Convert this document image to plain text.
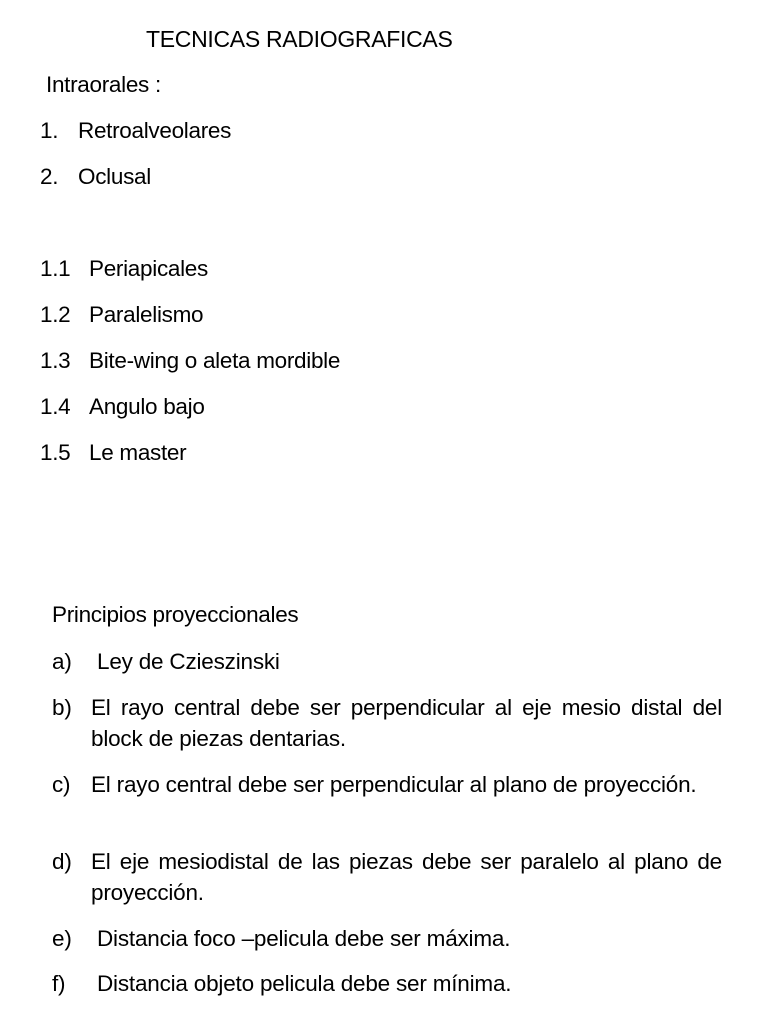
TECNICAS RADIOGRAFICAS
Intraorales :
1. Retroalveolares
2. Oclusal
1.1 Periapicales
1.2 Paralelismo
1.3 Bite-wing o aleta mordible
1.4 Angulo bajo
1.5 Le master
Principios proyeccionales
a) Ley de Czieszinski
b) El rayo central debe ser perpendicular al eje mesio distal del block de piezas dentarias.
c) El rayo central debe ser perpendicular al plano de proyección.
d) El eje mesiodistal de las piezas debe ser paralelo al plano de proyección.
e) Distancia foco –pelicula debe ser máxima.
f) Distancia objeto pelicula debe ser mínima.
